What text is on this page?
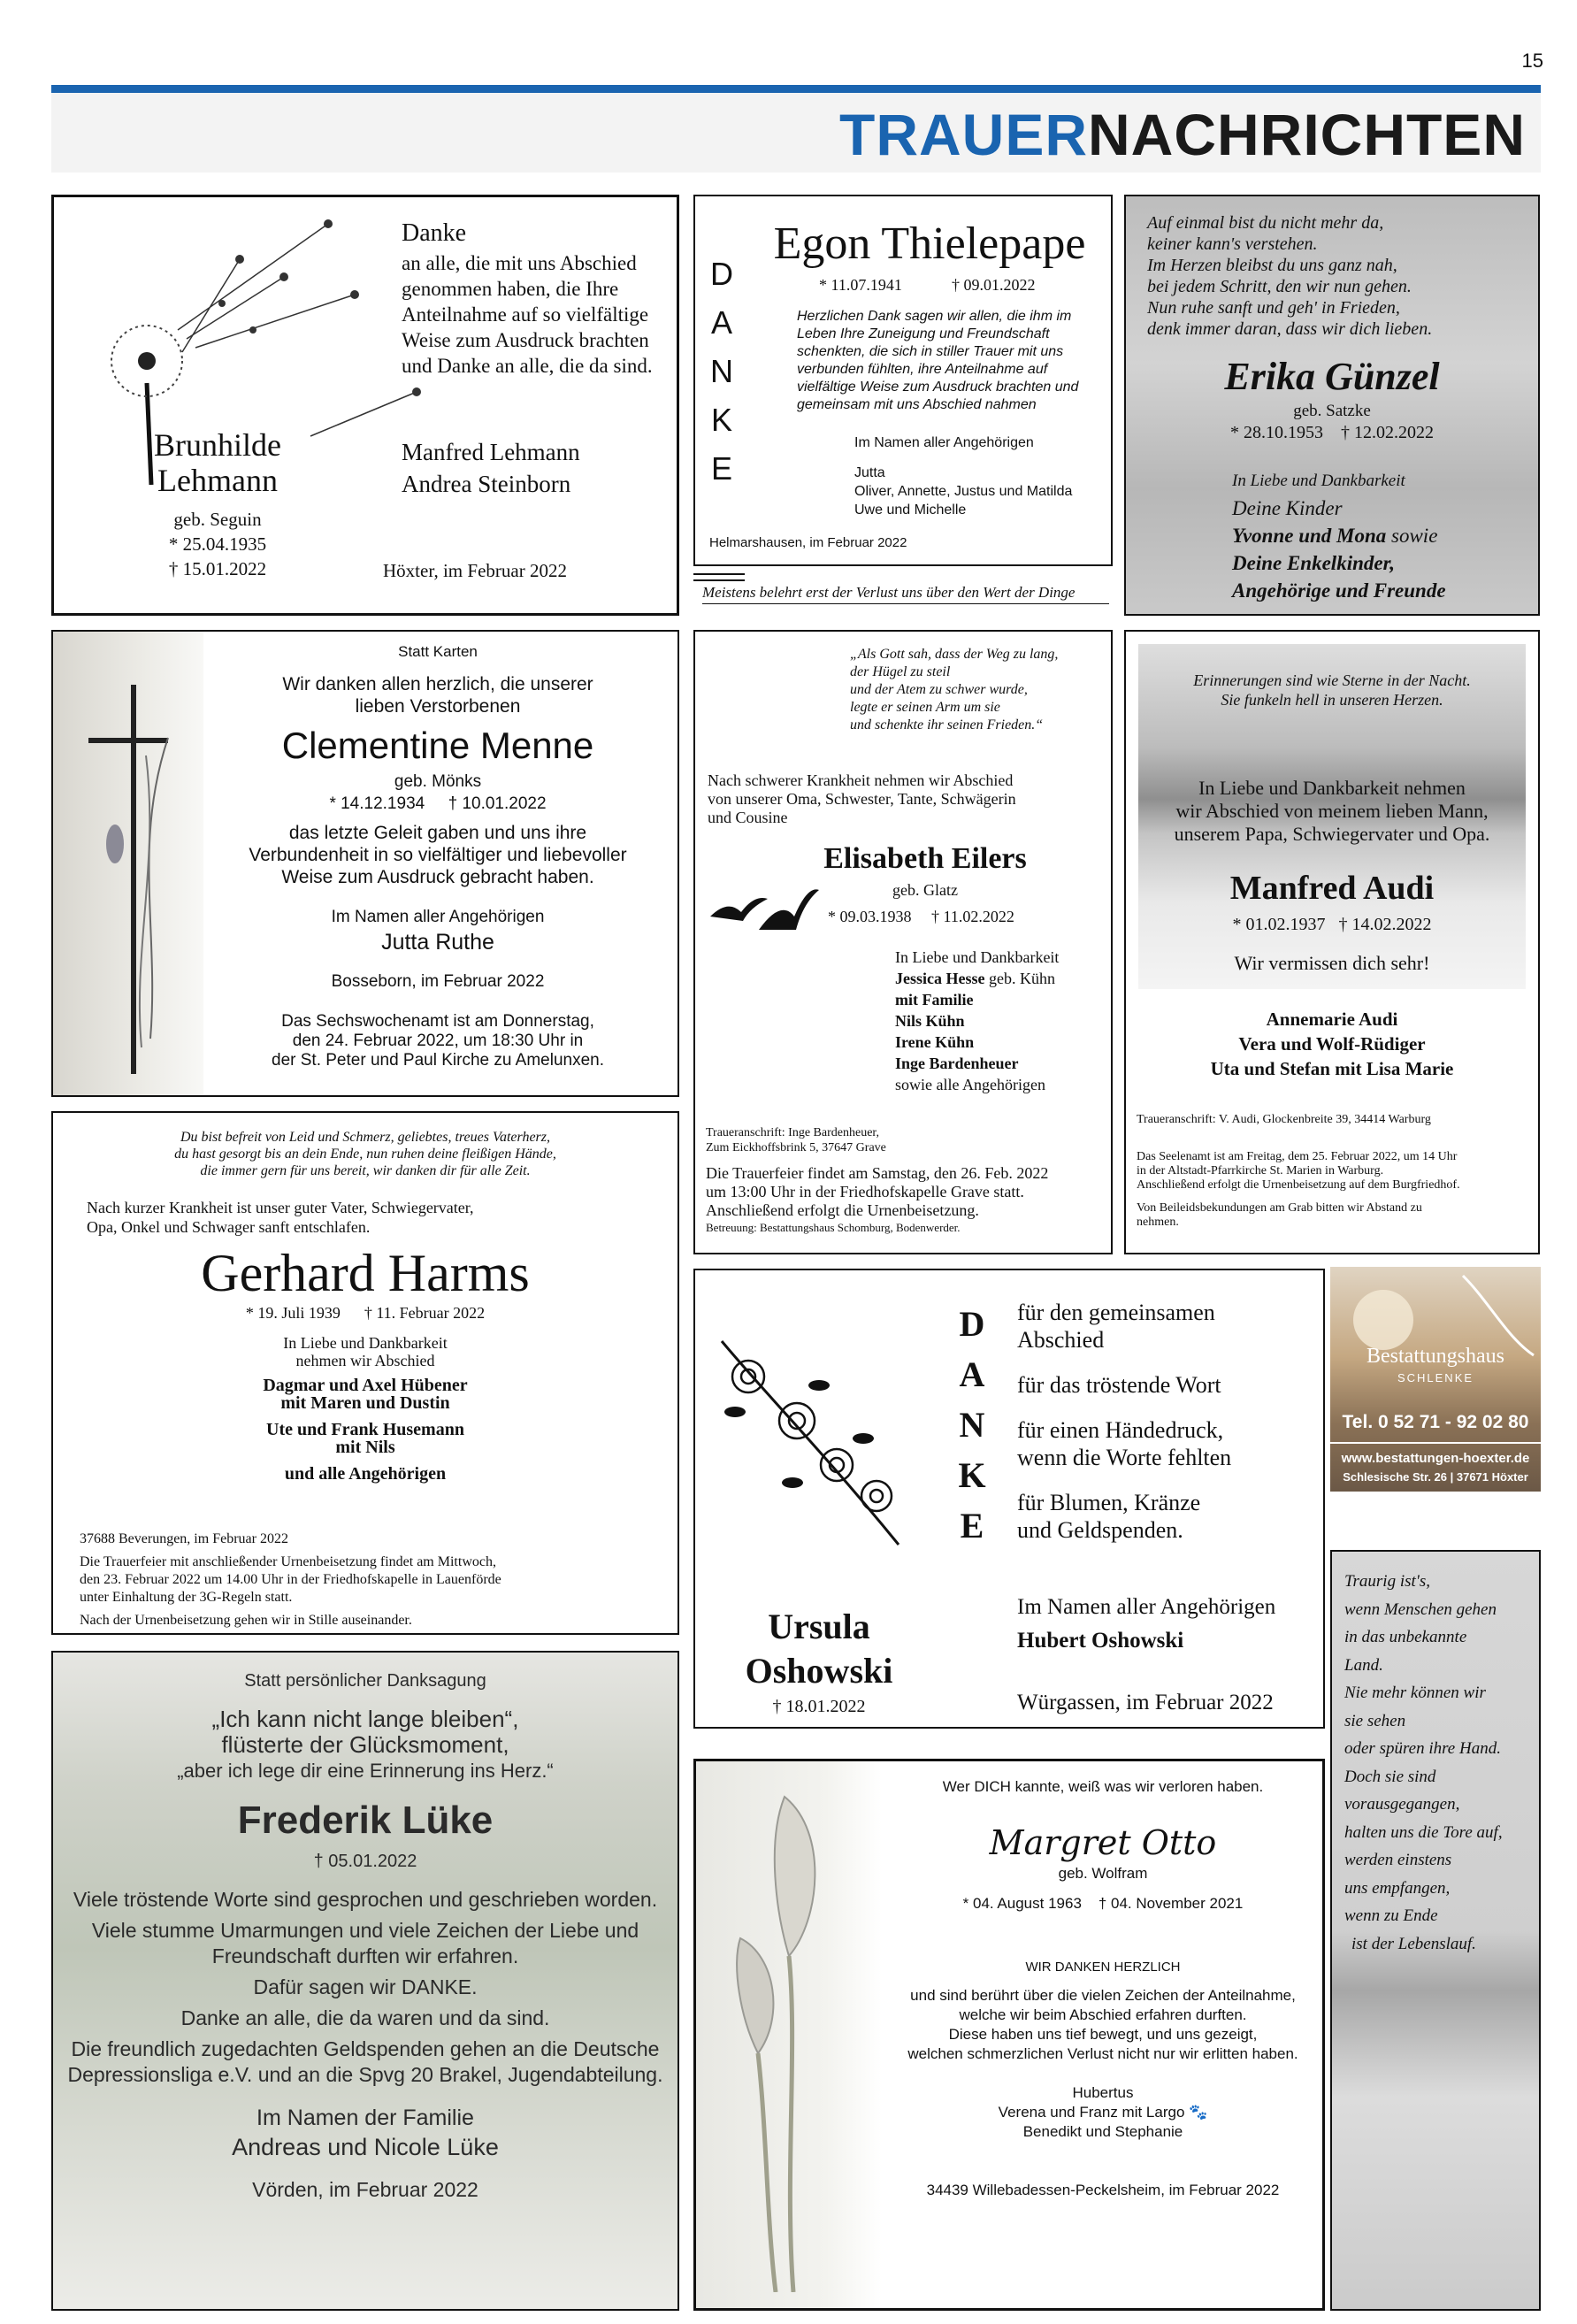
15
TRAUERNACHRICHTEN
Brunhilde
Lehmann
geb. Seguin
* 25.04.1935
† 15.01.2022
Danke
an alle, die mit uns Abschied
genommen haben, die Ihre
Anteilnahme auf so vielfältige
Weise zum Ausdruck brachten
und Danke an alle, die da sind.
Manfred Lehmann
Andrea Steinborn
Höxter, im Februar 2022
D
A
N
K
E
Egon Thielepape
* 11.07.1941	† 09.01.2022
Herzlichen Dank sagen wir allen, die ihm im
Leben Ihre Zuneigung und Freundschaft
schenkten, die sich in stiller Trauer mit uns
verbunden fühlten, ihre Anteilnahme auf
vielfältige Weise zum Ausdruck brachten und
gemeinsam mit uns Abschied nahmen
Im Namen aller Angehörigen
Jutta
Oliver, Annette, Justus und Matilda
Uwe und Michelle
Helmarshausen, im Februar 2022
Meistens belehrt erst der Verlust uns über den Wert der Dinge
Auf einmal bist du nicht mehr da,
keiner kann's verstehen.
Im Herzen bleibst du uns ganz nah,
bei jedem Schritt, den wir nun gehen.
Nun ruhe sanft und geh' in Frieden,
denk immer daran, dass wir dich lieben.
Erika Günzel
geb. Satzke
* 28.10.1953    † 12.02.2022
In Liebe und Dankbarkeit
Deine Kinder
Yvonne und Mona sowie
Deine Enkelkinder,
Angehörige und Freunde
Statt Karten
Wir danken allen herzlich, die unserer
lieben Verstorbenen
Clementine Menne
geb. Mönks
* 14.12.1934 † 10.01.2022
das letzte Geleit gaben und uns ihre
Verbundenheit in so vielfältiger und liebevoller
Weise zum Ausdruck gebracht haben.
Im Namen aller Angehörigen
Jutta Ruthe
Bosseborn, im Februar 2022
Das Sechswochenamt ist am Donnerstag,
den 24. Februar 2022, um 18:30 Uhr in
der St. Peter und Paul Kirche zu Amelunxen.
„Als Gott sah, dass der Weg zu lang,
der Hügel zu steil
und der Atem zu schwer wurde,
legte er seinen Arm um sie
und schenkte ihr seinen Frieden.“
Nach schwerer Krankheit nehmen wir Abschied
von unserer Oma, Schwester, Tante, Schwägerin
und Cousine
Elisabeth Eilers
geb. Glatz
* 09.03.1938 † 11.02.2022
In Liebe und Dankbarkeit
Jessica Hesse geb. Kühn
mit Familie
Nils Kühn
Irene Kühn
Inge Bardenheuer
sowie alle Angehörigen
Traueranschrift: Inge Bardenheuer,
Zum Eickhoffsbrink 5, 37647 Grave
Die Trauerfeier findet am Samstag, den 26. Feb. 2022
um 13:00 Uhr in der Friedhofskapelle Grave statt.
Anschließend erfolgt die Urnenbeisetzung.
Betreuung: Bestattungshaus Schomburg, Bodenwerder.
Erinnerungen sind wie Sterne in der Nacht.
Sie funkeln hell in unseren Herzen.
In Liebe und Dankbarkeit nehmen
wir Abschied von meinem lieben Mann,
unserem Papa, Schwiegervater und Opa.
Manfred Audi
* 01.02.1937   † 14.02.2022
Wir vermissen dich sehr!
Annemarie Audi
Vera und Wolf-Rüdiger
Uta und Stefan mit Lisa Marie
Traueranschrift: V. Audi, Glockenbreite 39, 34414 Warburg
Das Seelenamt ist am Freitag, dem 25. Februar 2022, um 14 Uhr
in der Altstadt-Pfarrkirche St. Marien in Warburg.
Anschließend erfolgt die Urnenbeisetzung auf dem Burgfriedhof.
Von Beileidsbekundungen am Grab bitten wir Abstand zu
nehmen.
Du bist befreit von Leid und Schmerz, geliebtes, treues Vaterherz,
du hast gesorgt bis an dein Ende, nun ruhen deine fleißigen Hände,
die immer gern für uns bereit, wir danken dir für alle Zeit.
Nach kurzer Krankheit ist unser guter Vater, Schwiegervater,
Opa, Onkel und Schwager sanft entschlafen.
Gerhard Harms
* 19. Juli 1939 † 11. Februar 2022
In Liebe und Dankbarkeit
nehmen wir Abschied
Dagmar und Axel Hübener
mit Maren und Dustin
Ute und Frank Husemann
mit Nils
und alle Angehörigen
37688 Beverungen, im Februar 2022
Die Trauerfeier mit anschließender Urnenbeisetzung findet am Mittwoch,
den 23. Februar 2022 um 14.00 Uhr in der Friedhofskapelle in Lauenförde
unter Einhaltung der 3G-Regeln statt.
Nach der Urnenbeisetzung gehen wir in Stille auseinander.
D
A
N
K
E
für den gemeinsamen
Abschied
für das tröstende Wort
für einen Händedruck,
wenn die Worte fehlten
für Blumen, Kränze
und Geldspenden.
Ursula
Oshowski
† 18.01.2022
Im Namen aller Angehörigen
Hubert Oshowski
Würgassen, im Februar 2022
Bestattungshaus
SCHLENKE
Tel. 0 52 71 - 92 02 80
www.bestattungen-hoexter.de
Schlesische Str. 26 | 37671 Höxter
Traurig ist's,
wenn Menschen gehen
in das unbekannte
Land.
Nie mehr können wir
sie sehen
oder spüren ihre Hand.
Doch sie sind
vorausgegangen,
halten uns die Tore auf,
werden einstens
uns empfangen,
wenn zu Ende
ist der Lebenslauf.
Statt persönlicher Danksagung
„Ich kann nicht lange bleiben“,
flüsterte der Glücksmoment,
„aber ich lege dir eine Erinnerung ins Herz.“
Frederik Lüke
† 05.01.2022
Viele tröstende Worte sind gesprochen und geschrieben worden.
Viele stumme Umarmungen und viele Zeichen der Liebe und
Freundschaft durften wir erfahren.
Dafür sagen wir DANKE.
Danke an alle, die da waren und da sind.
Die freundlich zugedachten Geldspenden gehen an die Deutsche
Depressionsliga e.V. und an die Spvg 20 Brakel, Jugendabteilung.
Im Namen der Familie
Andreas und Nicole Lüke
Vörden, im Februar 2022
Wer DICH kannte, weiß was wir verloren haben.
Margret Otto
geb. Wolfram
* 04. August 1963 † 04. November 2021
WIR DANKEN HERZLICH
und sind berührt über die vielen Zeichen der Anteilnahme,
welche wir beim Abschied erfahren durften.
Diese haben uns tief bewegt, und uns gezeigt,
welchen schmerzlichen Verlust nicht nur wir erlitten haben.
Hubertus
Verena und Franz mit Largo 🐾
Benedikt und Stephanie
34439 Willebadessen-Peckelsheim, im Februar 2022
